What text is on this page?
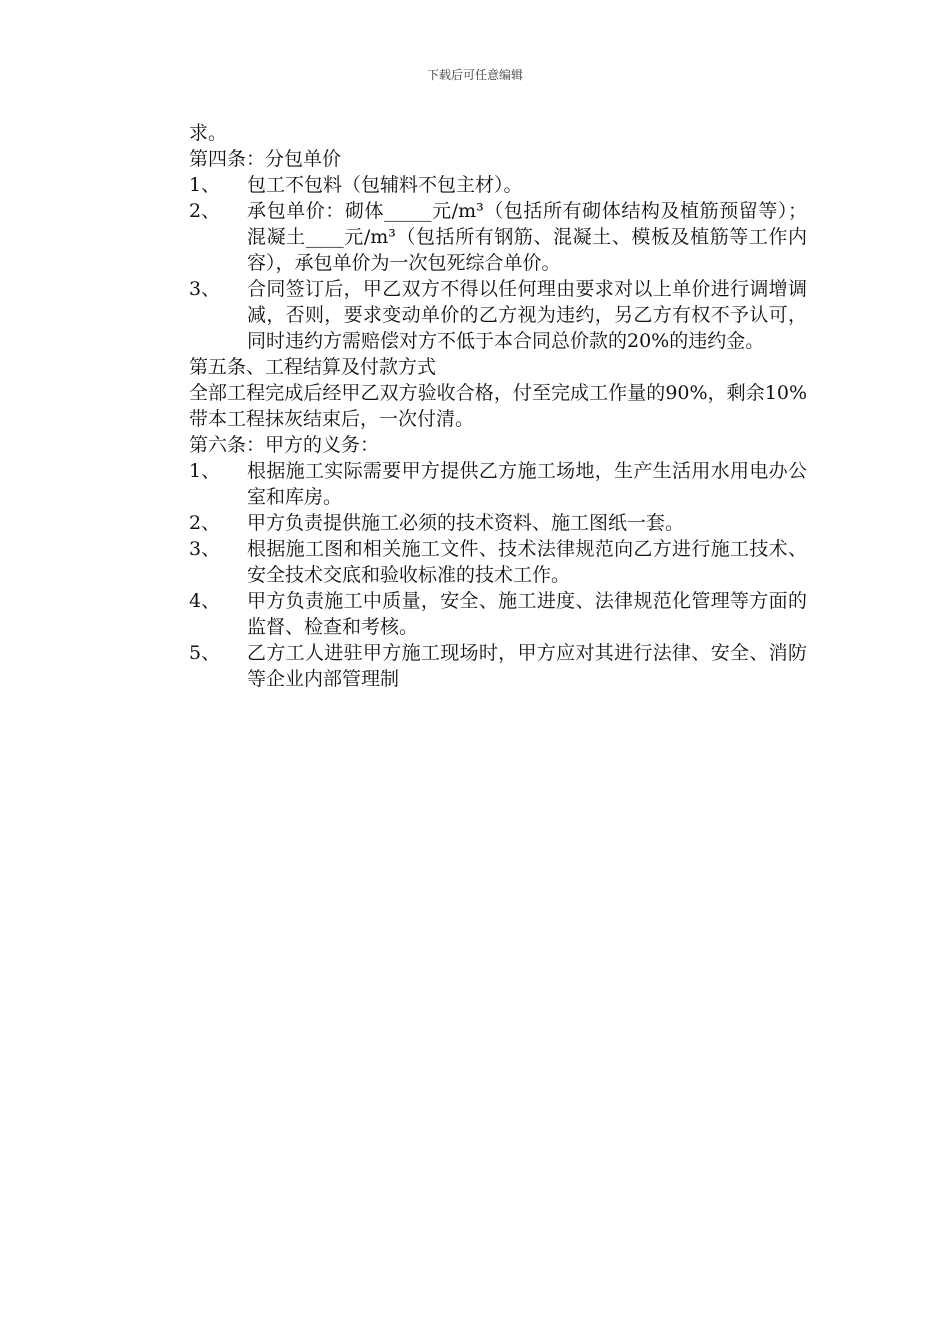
下载后可任意编辑

求。

第四条：分包单价

1、	包工不包料（包辅料不包主材）。
2、	承包单价：砌体_____元/m³（包括所有砌体结构及植筋预留等）；混凝土____元/m³（包括所有钢筋、混凝土、模板及植筋等工作内容），承包单价为一次包死综合单价。
3、	合同签订后，甲乙双方不得以任何理由要求对以上单价进行调增调减，否则，要求变动单价的乙方视为违约，另乙方有权不予认可，同时违约方需赔偿对方不低于本合同总价款的20%的违约金。

第五条、工程结算及付款方式

全部工程完成后经甲乙双方验收合格，付至完成工作量的90%，剩余10%带本工程抹灰结束后，一次付清。

第六条：甲方的义务：

1、	根据施工实际需要甲方提供乙方施工场地，生产生活用水用电办公室和库房。
2、	甲方负责提供施工必须的技术资料、施工图纸一套。
3、	根据施工图和相关施工文件、技术法律规范向乙方进行施工技术、安全技术交底和验收标准的技术工作。
4、	甲方负责施工中质量，安全、施工进度、法律规范化管理等方面的监督、检查和考核。
5、	乙方工人进驻甲方施工现场时，甲方应对其进行法律、安全、消防等企业内部管理制
